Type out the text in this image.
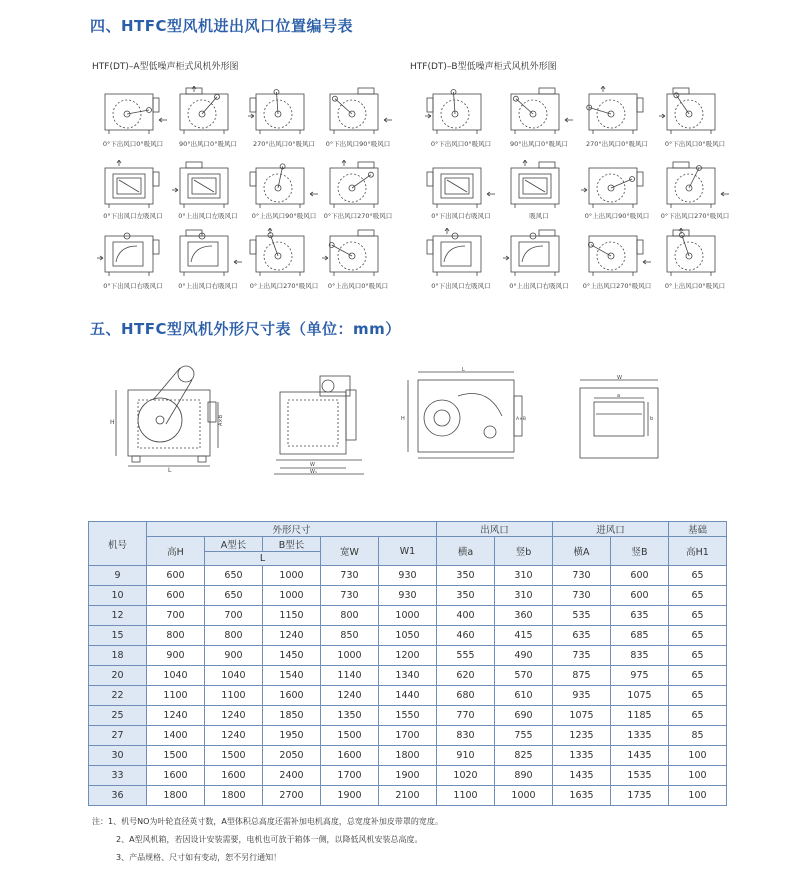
四、HTFC型风机进出风口位置编号表
HTF(DT)–A型低噪声柜式风机外形图	HTF(DT)–B型低噪声柜式风机外形图
0°下出风口0°吸风口	90°出风口0°吸风口	270°出风口0°吸风口	0°下出风口90°吸风口
0°下出风口左吸风口	0°上出风口左吸风口	0°上出风口90°吸风口	0°下出风口270°吸风口
0°下出风口右吸风口	0°上出风口右吸风口	0°上出风口270°吸风口	0°上出风口0°吸风口
0°下出风口0°吸风口	90°出风口0°吸风口	270°出风口0°吸风口	0°下出风口0°吸风口
0°下出风口右吸风口	吸风口	0°上出风口90°吸风口	0°下出风口270°吸风口
0°下出风口左吸风口	0°上出风口右吸风口	0°上出风口270°吸风口	0°上出风口0°吸风口
五、HTFC型风机外形尺寸表（单位：mm）
H	A×B
L
W
W₁
L
H	A×B
W
a
b
机号	外形尺寸					出风口		进风口		基础
	高H	A型长	B型长	宽W	W1	横a	竖b	横A	竖B	高H1
		L								
9	600	650	1000	730	930	350	310	730	600	65
10	600	650	1000	730	930	350	310	730	600	65
12	700	700	1150	800	1000	400	360	535	635	65
15	800	800	1240	850	1050	460	415	635	685	65
18	900	900	1450	1000	1200	555	490	735	835	65
20	1040	1040	1540	1140	1340	620	570	875	975	65
22	1100	1100	1600	1240	1440	680	610	935	1075	65
25	1240	1240	1850	1350	1550	770	690	1075	1185	65
27	1400	1240	1950	1500	1700	830	755	1235	1335	85
30	1500	1500	2050	1600	1800	910	825	1335	1435	100
33	1600	1600	2400	1700	1900	1020	890	1435	1535	100
36	1800	1800	2700	1900	2100	1100	1000	1635	1735	100
注：1、机号NO为叶轮直径英寸数，A型体积总高度还需补加电机高度，总宽度补加皮带罩的宽度。
2、A型风机箱，若因设计安装需要，电机也可放于箱体一侧，以降低风机安装总高度。
3、产品规格、尺寸如有变动，恕不另行通知！
